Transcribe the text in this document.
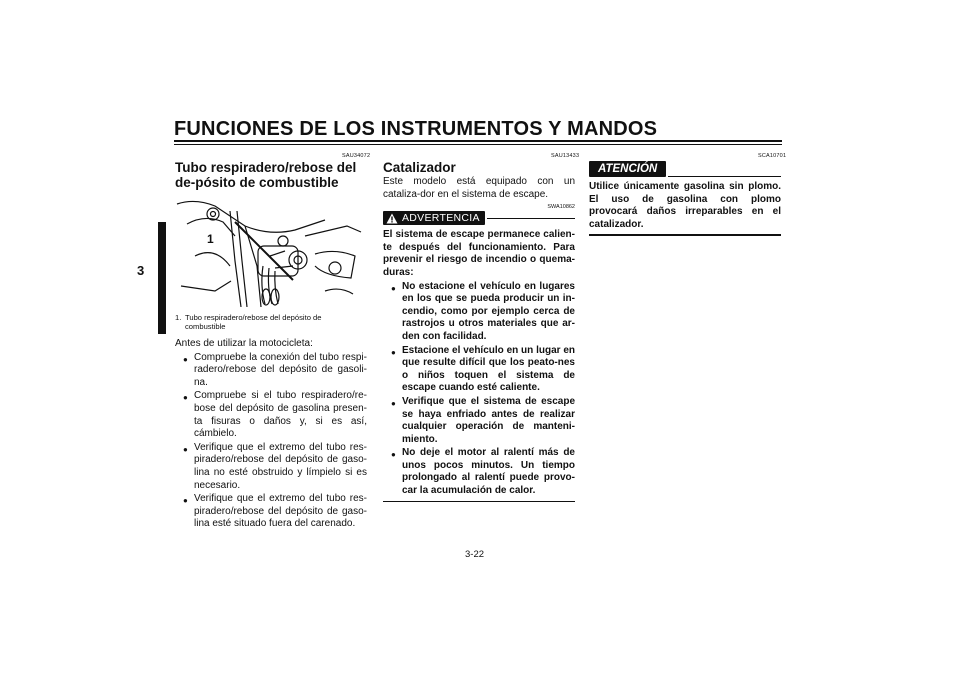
FUNCIONES DE LOS INSTRUMENTOS Y MANDOS
3
SAU34072
Tubo respiradero/rebose del de-pósito de combustible
1
1. Tubo respiradero/rebose del depósito de
combustible
Antes de utilizar la motocicleta:
● Compruebe la conexión del tubo respi-radero/rebose del depósito de gasoli-na.
● Compruebe si el tubo respiradero/re-bose del depósito de gasolina presen-ta fisuras o daños y, si es así, cámbielo.
● Verifique que el extremo del tubo res-piradero/rebose del depósito de gaso-lina no esté obstruido y límpielo si es necesario.
● Verifique que el extremo del tubo res-piradero/rebose del depósito de gaso-lina esté situado fuera del carenado.
SAU13433
Catalizador
Este modelo está equipado con un cataliza-dor en el sistema de escape.
SWA10862
ADVERTENCIA
El sistema de escape permanece calien-te después del funcionamiento. Para prevenir el riesgo de incendio o quema-duras:
● No estacione el vehículo en lugares en los que se pueda producir un in-cendio, como por ejemplo cerca de rastrojos u otros materiales que ar-den con facilidad.
● Estacione el vehículo en un lugar en que resulte difícil que los peato-nes o niños toquen el sistema de escape cuando esté caliente.
● Verifique que el sistema de escape se haya enfriado antes de realizar cualquier operación de manteni-miento.
● No deje el motor al ralentí más de unos pocos minutos. Un tiempo prolongado al ralentí puede provo-car la acumulación de calor.
SCA10701
ATENCIÓN
Utilice únicamente gasolina sin plomo. El uso de gasolina con plomo provocará daños irreparables en el catalizador.
3-22
